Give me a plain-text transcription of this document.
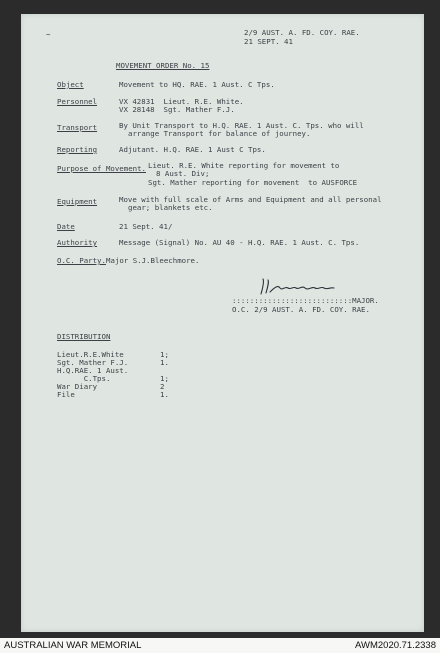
~	2/9 AUST. A. FD. COY. RAE.

21 SEPT. 41

MOVEMENT ORDER No. 15

Object	Movement to HQ. RAE. 1 Aust. C Tps.

Personnel	VX 42831  Lieut. R.E. White.

VX 28148  Sgt. Mather F.J.

Transport	By Unit Transport to H.Q. RAE. 1 Aust. C. Tps. who will

arrange Transport for balance of journey.

Reporting	Adjutant. H.Q. RAE. 1 Aust C Tps.

Purpose of Movement. Lieut. R.E. White reporting for movement to

8 Aust. Div;

Sgt. Mather reporting for movement  to AUSFORCE

Equipment	Move with full scale of Arms and Equipment and all personal

gear; blankets etc.

Date	21 Sept. 41/

Authority	Message (Signal) No. AU 40 - H.Q. RAE. 1 Aust. C. Tps.

O.C. Party. Major S.J.Bleechmore.

DISTRIBUTION

Lieut.R.E.White	1;

Sgt. Mather F.J.	1.

H.Q.RAE. 1 Aust.

C.Tps.	1;

War Diary	2

File	1.

:::::::::::::::::::::::::::MAJOR.

O.C. 2/9 AUST. A. FD. COY. RAE.

AUSTRALIAN WAR MEMORIAL	AWM2020.71.2338
